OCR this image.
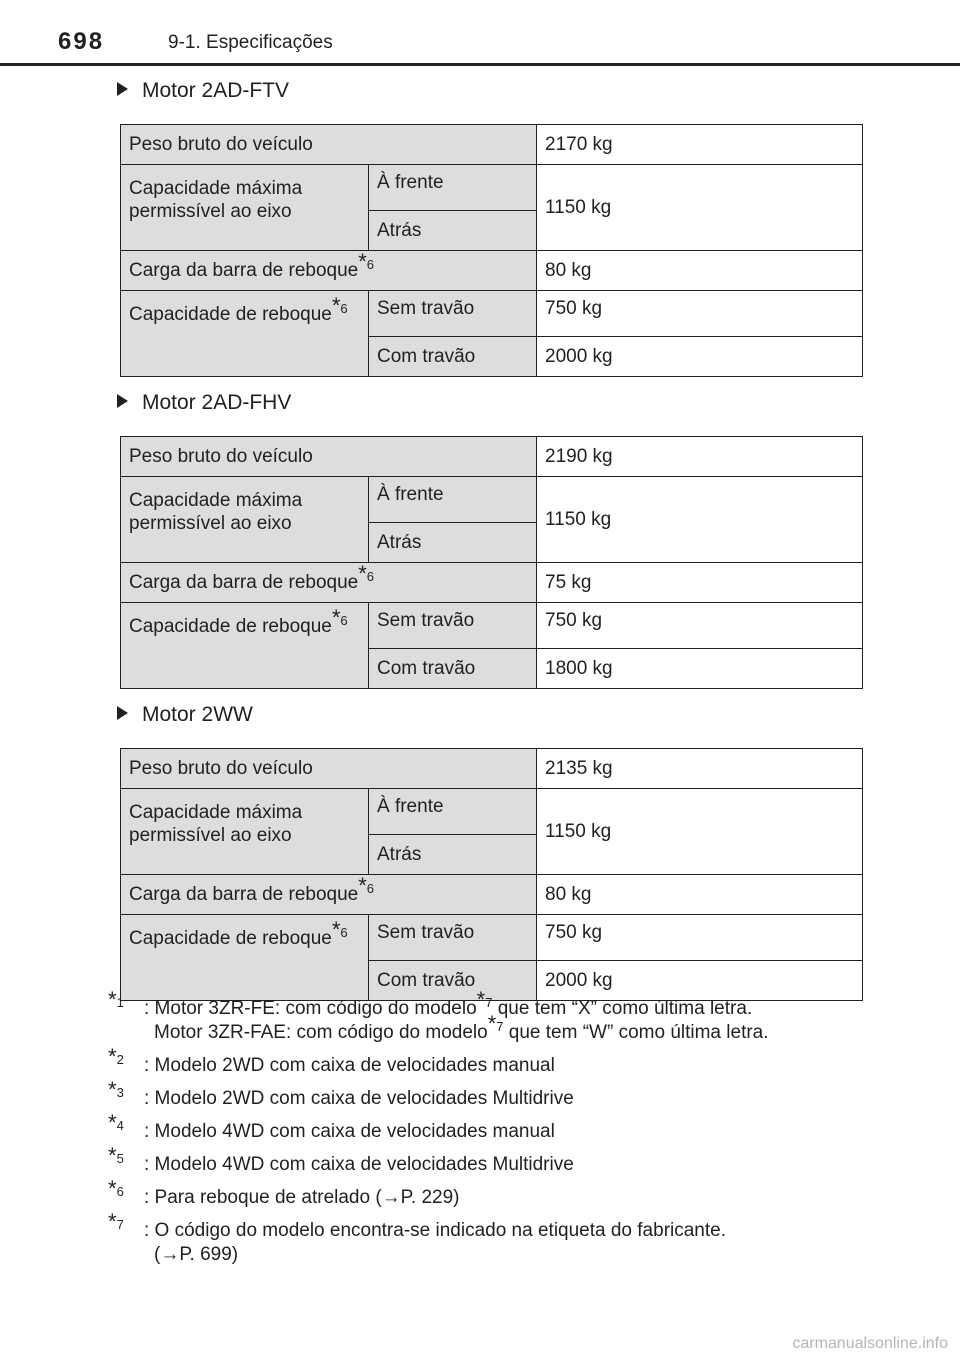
698	9-1. Especificações
Motor 2AD-FTV
Peso bruto do veículo		2170 kg
Capacidade máxima permissível ao eixo	À frente	1150 kg
	Atrás	
Carga da barra de reboque$^{*6}$		80 kg
Capacidade de reboque$^{*6}$	Sem travão	750 kg
	Com travão	2000 kg
Motor 2AD-FHV
Peso bruto do veículo		2190 kg
Capacidade máxima permissível ao eixo	À frente	1150 kg
	Atrás	
Carga da barra de reboque$^{*6}$		75 kg
Capacidade de reboque$^{*6}$	Sem travão	750 kg
	Com travão	1800 kg
Motor 2WW
Peso bruto do veículo		2135 kg
Capacidade máxima permissível ao eixo	À frente	1150 kg
	Atrás	
Carga da barra de reboque$^{*6}$		80 kg
Capacidade de reboque$^{*6}$	Sem travão	750 kg
	Com travão	2000 kg
$^{*1}$ : Motor 3ZR-FE: com código do modelo$^{*7}$ que tem “X” como última letra.

Motor 3ZR-FAE: com código do modelo$^{*7}$ que tem “W” como última letra.

$^{*2}$ : Modelo 2WD com caixa de velocidades manual

$^{*3}$ : Modelo 2WD com caixa de velocidades Multidrive

$^{*4}$ : Modelo 4WD com caixa de velocidades manual

$^{*5}$ : Modelo 4WD com caixa de velocidades Multidrive

$^{*6}$ : Para reboque de atrelado (→P. 229)

$^{*7}$ : O código do modelo encontra-se indicado na etiqueta do fabricante.

(→P. 699)

carmanualsonline.info
